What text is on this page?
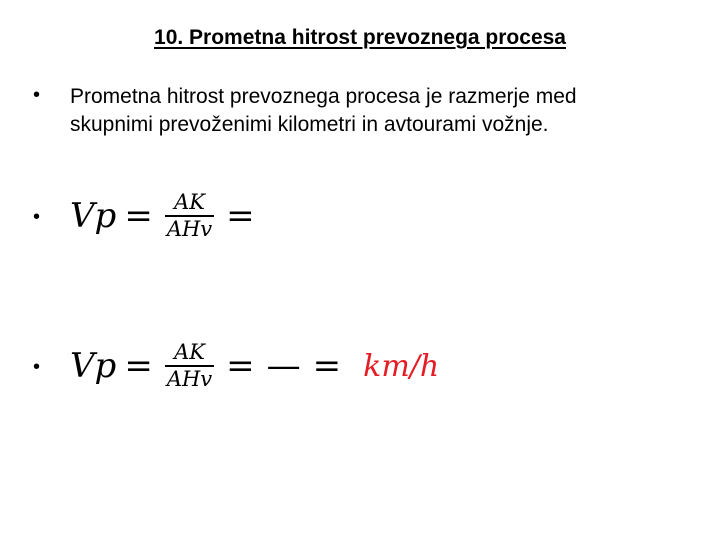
10. Prometna hitrost prevoznega procesa
• Prometna hitrost prevoznega procesa je razmerje med
skupnimi prevoženimi kilometri in avtourami vožnje.
• $Vp = \frac{AK}{\text{AHv}}$ =
• $Vp = \frac{AK}{\text{AHv}}$ = — = km/h
